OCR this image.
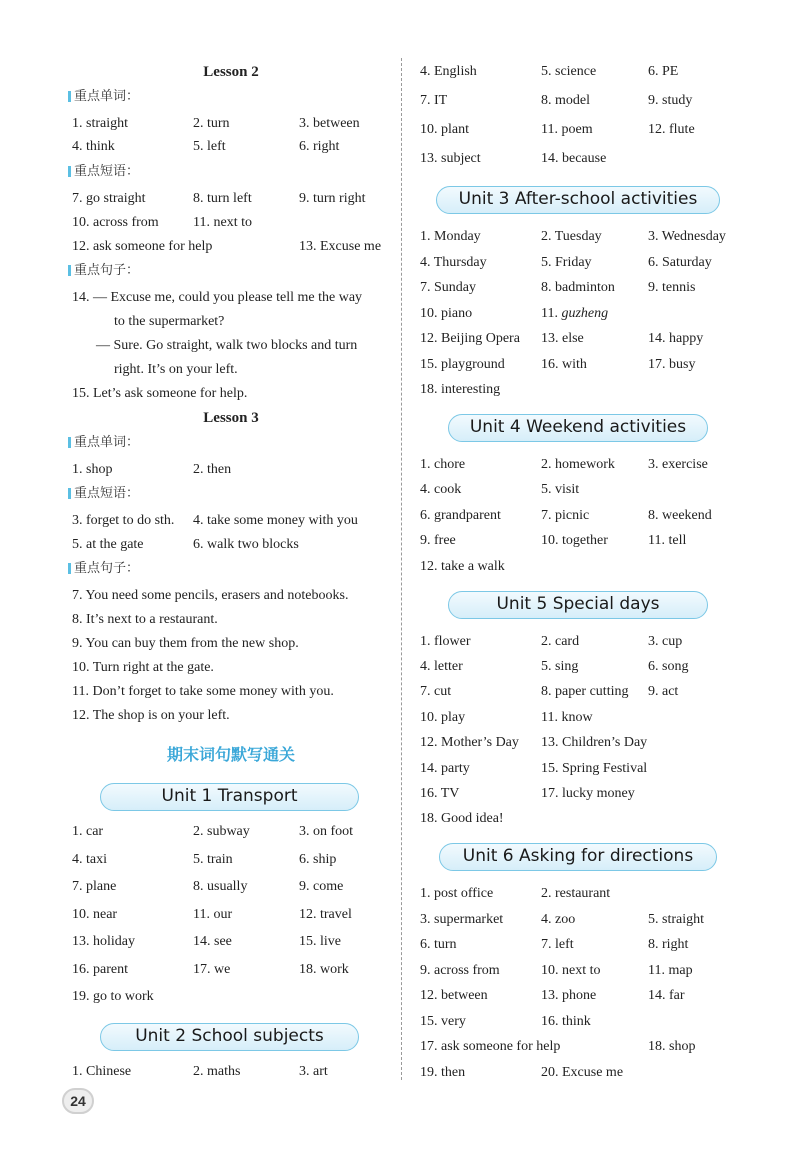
Lesson 2
重点单词：
1. straight	2. turn	3. between
4. think	5. left	6. right
重点短语：
7. go straight	8. turn left	9. turn right
10. across from 11. next to
12. ask someone for help	13. Excuse me
重点句子：
14. — Excuse me, could you please tell me the way
to the supermarket?
— Sure. Go straight, walk two blocks and turn
right. It’s on your left.
15. Let’s ask someone for help.
Lesson 3
重点单词：
1. shop	2. then
重点短语：
3. forget to do sth. 4. take some money with you
5. at the gate	6. walk two blocks
重点句子：
7. You need some pencils, erasers and notebooks.
8. It’s next to a restaurant.
9. You can buy them from the new shop.
10. Turn right at the gate.
11. Don’t forget to take some money with you.
12. The shop is on your left.
期末词句默写通关
Unit 1 Transport
1. car	2. subway	3. on foot
4. taxi	5. train	6. ship
7. plane	8. usually	9. come
10. near	11. our	12. travel
13. holiday	14. see	15. live
16. parent	17. we	18. work
19. go to work
Unit 2 School subjects
1. Chinese	2. maths	3. art
4. English	5. science	6. PE
7. IT	8. model	9. study
10. plant	11. poem	12. flute
13. subject	14. because
Unit 3 After-school activities
1. Monday	2. Tuesday	3. Wednesday
4. Thursday	5. Friday	6. Saturday
7. Sunday	8. badminton 9. tennis
10. piano	11. guzheng
12. Beijing Opera 13. else	14. happy
15. playground	16. with	17. busy
18. interesting
Unit 4 Weekend activities
1. chore	2. homework 3. exercise
4. cook	5. visit
6. grandparent	7. picnic	8. weekend
9. free	10. together	11. tell
12. take a walk
Unit 5 Special days
1. flower	2. card	3. cup
4. letter	5. sing	6. song
7. cut	8. paper cutting 9. act
10. play	11. know
12. Mother’s Day 13. Children’s Day
14. party	15. Spring Festival
16. TV	17. lucky money
18. Good idea!
Unit 6 Asking for directions
1. post office	2. restaurant
3. supermarket	4. zoo	5. straight
6. turn	7. left	8. right
9. across from	10. next to	11. map
12. between	13. phone	14. far
15. very	16. think
17. ask someone for help	18. shop
19. then	20. Excuse me
24
